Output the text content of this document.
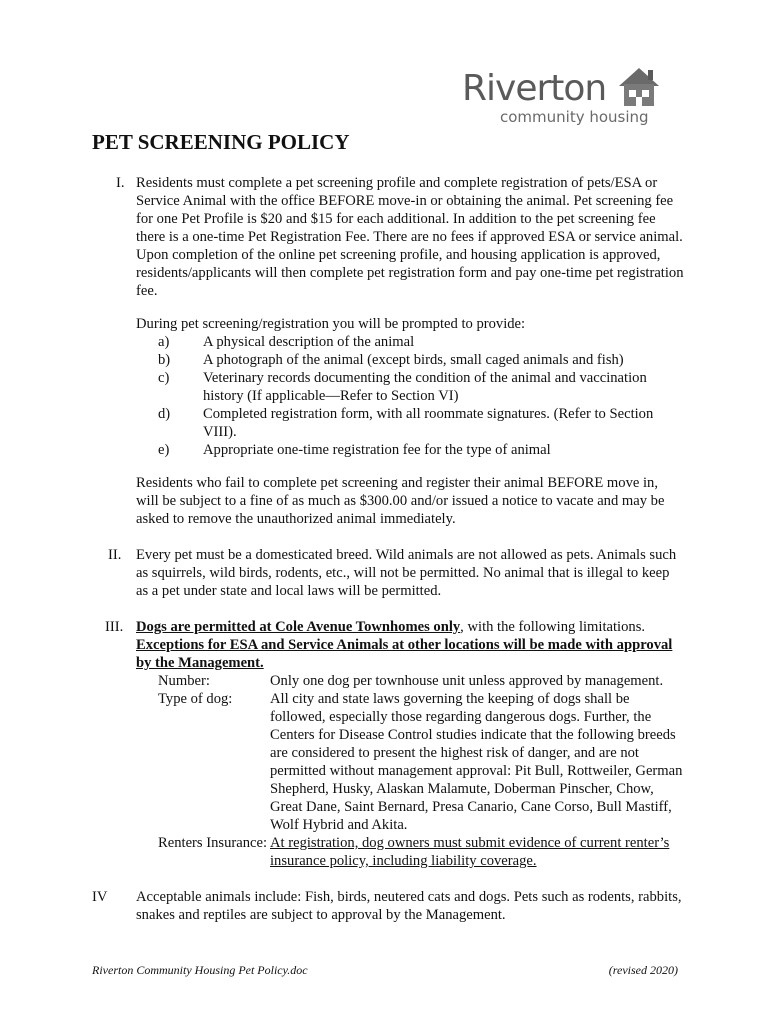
Riverton
community housing
PET SCREENING POLICY
I. Residents must complete a pet screening profile and complete registration of pets/ESA or Service Animal with the office BEFORE move-in or obtaining the animal. Pet screening fee for one Pet Profile is $20 and $15 for each additional. In addition to the pet screening fee there is a one-time Pet Registration Fee. There are no fees if approved ESA or service animal. Upon completion of the online pet screening profile, and housing application is approved, residents/applicants will then complete pet registration form and pay one-time pet registration fee.

During pet screening/registration you will be prompted to provide:

a) A physical description of the animal
b) A photograph of the animal (except birds, small caged animals and fish)
c) Veterinary records documenting the condition of the animal and vaccination history (If applicable—Refer to Section VI)
d) Completed registration form, with all roommate signatures. (Refer to Section VIII).
e) Appropriate one-time registration fee for the type of animal

Residents who fail to complete pet screening and register their animal BEFORE move in, will be subject to a fine of as much as $300.00 and/or issued a notice to vacate and may be asked to remove the unauthorized animal immediately.

II. Every pet must be a domesticated breed. Wild animals are not allowed as pets. Animals such as squirrels, wild birds, rodents, etc., will not be permitted. No animal that is illegal to keep as a pet under state and local laws will be permitted.

III. Dogs are permitted at Cole Avenue Townhomes only, with the following limitations.
Exceptions for ESA and Service Animals at other locations will be made with approval by the Management.

Number:	Only one dog per townhouse unit unless approved by management.
Type of dog:	All city and state laws governing the keeping of dogs shall be followed, especially those regarding dangerous dogs. Further, the Centers for Disease Control studies indicate that the following breeds are considered to present the highest risk of danger, and are not permitted without management approval: Pit Bull, Rottweiler, German Shepherd, Husky, Alaskan Malamute, Doberman Pinscher, Chow, Great Dane, Saint Bernard, Presa Canario, Cane Corso, Bull Mastiff, Wolf Hybrid and Akita.
Renters Insurance: At registration, dog owners must submit evidence of current renter’s insurance policy, including liability coverage.
IV Acceptable animals include: Fish, birds, neutered cats and dogs. Pets such as rodents, rabbits, snakes and reptiles are subject to approval by the Management.

Riverton Community Housing Pet Policy.doc	(revised 2020)
